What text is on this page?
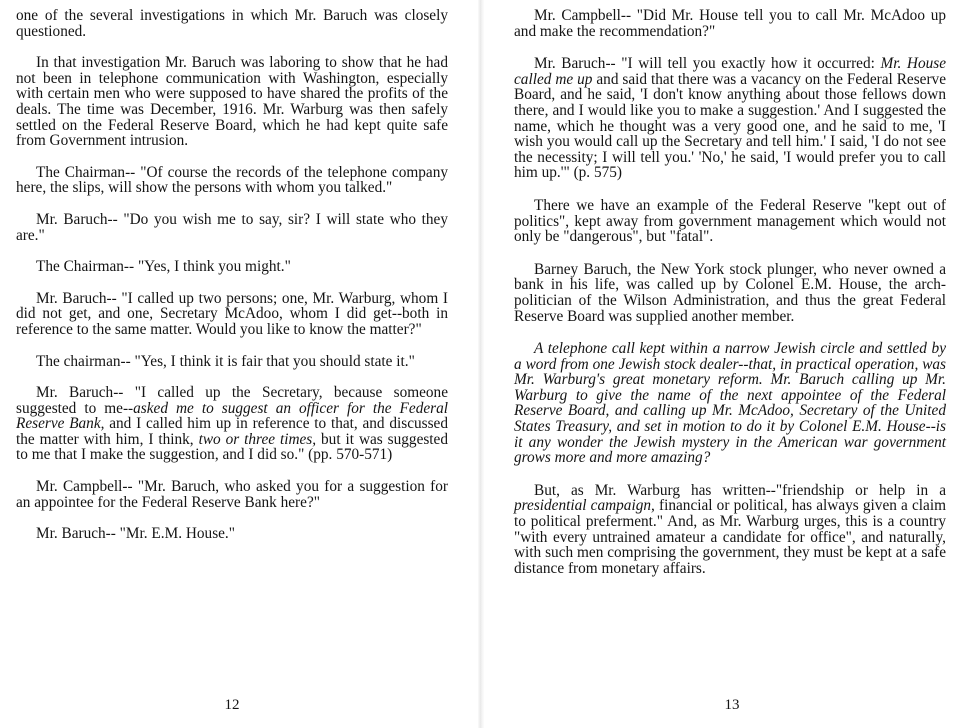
one of the several investigations in which Mr. Baruch was closely questioned.

In that investigation Mr. Baruch was laboring to show that he had not been in telephone communication with Washington, especially with certain men who were supposed to have shared the profits of the deals. The time was December, 1916. Mr. Warburg was then safely settled on the Federal Reserve Board, which he had kept quite safe from Government intrusion.

The Chairman-- "Of course the records of the telephone company here, the slips, will show the persons with whom you talked."

Mr. Baruch-- "Do you wish me to say, sir? I will state who they are."

The Chairman-- "Yes, I think you might."

Mr. Baruch-- "I called up two persons; one, Mr. Warburg, whom I did not get, and one, Secretary McAdoo, whom I did get--both in reference to the same matter. Would you like to know the matter?"

The chairman-- "Yes, I think it is fair that you should state it."

Mr. Baruch-- "I called up the Secretary, because someone suggested to me--asked me to suggest an officer for the Federal Reserve Bank, and I called him up in reference to that, and discussed the matter with him, I think, two or three times, but it was suggested to me that I make the suggestion, and I did so." (pp. 570-571)

Mr. Campbell-- "Mr. Baruch, who asked you for a suggestion for an appointee for the Federal Reserve Bank here?"

Mr. Baruch-- "Mr. E.M. House."

Mr. Campbell-- "Did Mr. House tell you to call Mr. McAdoo up and make the recommendation?"

Mr. Baruch-- "I will tell you exactly how it occurred: Mr. House called me up and said that there was a vacancy on the Federal Reserve Board, and he said, 'I don't know anything about those fellows down there, and I would like you to make a suggestion.' And I suggested the name, which he thought was a very good one, and he said to me, 'I wish you would call up the Secretary and tell him.' I said, 'I do not see the necessity; I will tell you.' 'No,' he said, 'I would prefer you to call him up.'" (p. 575)

There we have an example of the Federal Reserve "kept out of politics", kept away from government management which would not only be "dangerous", but "fatal".

Barney Baruch, the New York stock plunger, who never owned a bank in his life, was called up by Colonel E.M. House, the arch-politician of the Wilson Administration, and thus the great Federal Reserve Board was supplied another member.

A telephone call kept within a narrow Jewish circle and settled by a word from one Jewish stock dealer--that, in practical operation, was Mr. Warburg's great monetary reform. Mr. Baruch calling up Mr. Warburg to give the name of the next appointee of the Federal Reserve Board, and calling up Mr. McAdoo, Secretary of the United States Treasury, and set in motion to do it by Colonel E.M. House--is it any wonder the Jewish mystery in the American war government grows more and more amazing?

But, as Mr. Warburg has written--"friendship or help in a presidential campaign, financial or political, has always given a claim to political preferment." And, as Mr. Warburg urges, this is a country "with every untrained amateur a candidate for office", and naturally, with such men comprising the government, they must be kept at a safe distance from monetary affairs.

12	13
